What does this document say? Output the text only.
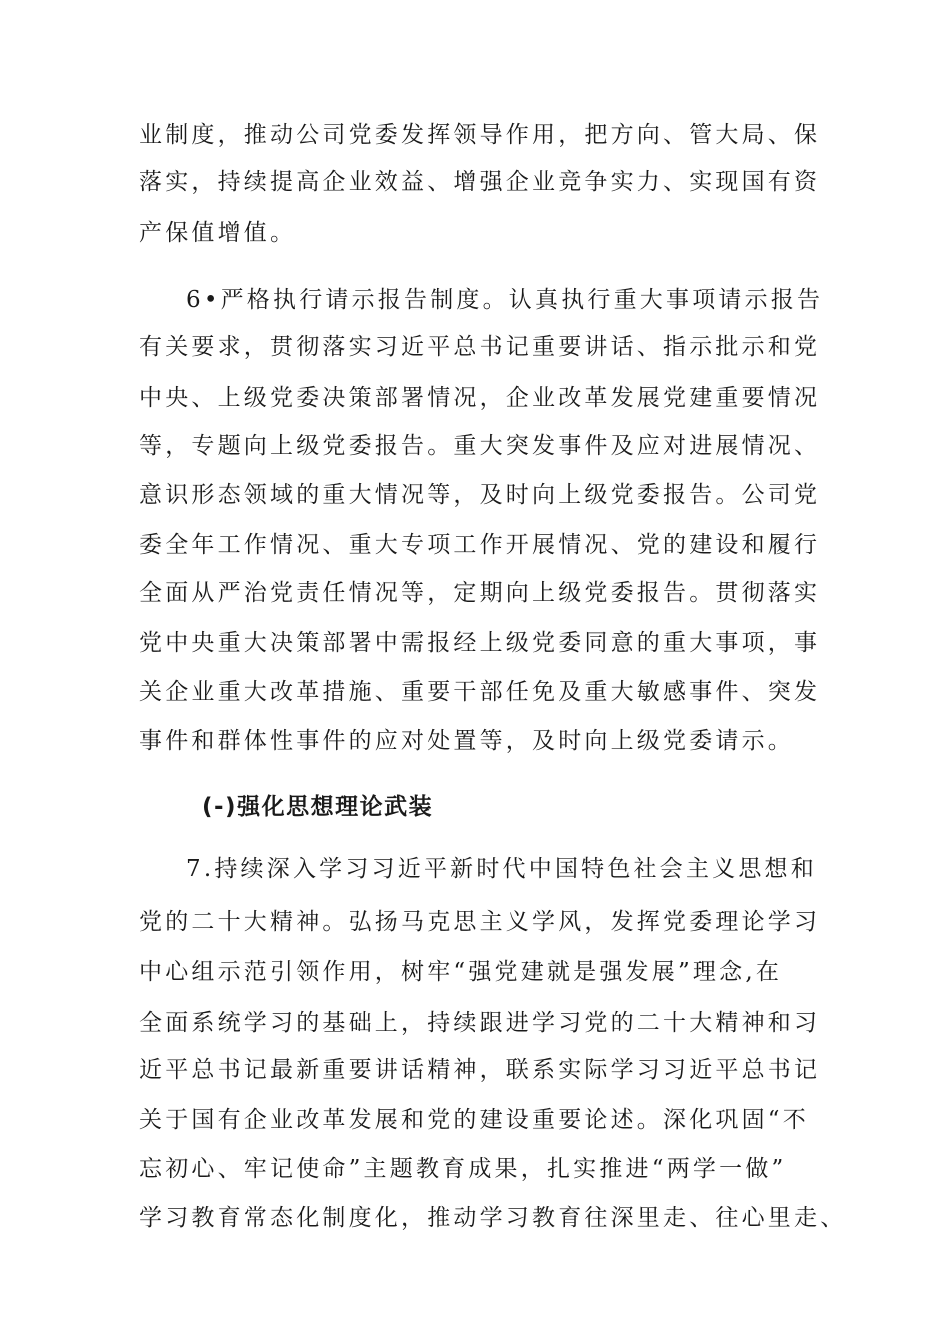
业制度，推动公司党委发挥领导作用，把方向、管大局、保
落实，持续提高企业效益、增强企业竞争实力、实现国有资
产保值增值。
6•严格执行请示报告制度。认真执行重大事项请示报告
有关要求，贯彻落实习近平总书记重要讲话、指示批示和党
中央、上级党委决策部署情况，企业改革发展党建重要情况
等，专题向上级党委报告。重大突发事件及应对进展情况、
意识形态领域的重大情况等，及时向上级党委报告。公司党
委全年工作情况、重大专项工作开展情况、党的建设和履行
全面从严治党责任情况等，定期向上级党委报告。贯彻落实
党中央重大决策部署中需报经上级党委同意的重大事项，事
关企业重大改革措施、重要干部任免及重大敏感事件、突发
事件和群体性事件的应对处置等，及时向上级党委请示。
(-)强化思想理论武装
7.持续深入学习习近平新时代中国特色社会主义思想和
党的二十大精神。弘扬马克思主义学风，发挥党委理论学习
中心组示范引领作用，树牢“强党建就是强发展”理念,在
全面系统学习的基础上，持续跟进学习党的二十大精神和习
近平总书记最新重要讲话精神，联系实际学习习近平总书记
关于国有企业改革发展和党的建设重要论述。深化巩固“不
忘初心、牢记使命”主题教育成果，扎实推进“两学一做”
学习教育常态化制度化，推动学习教育往深里走、往心里走、
